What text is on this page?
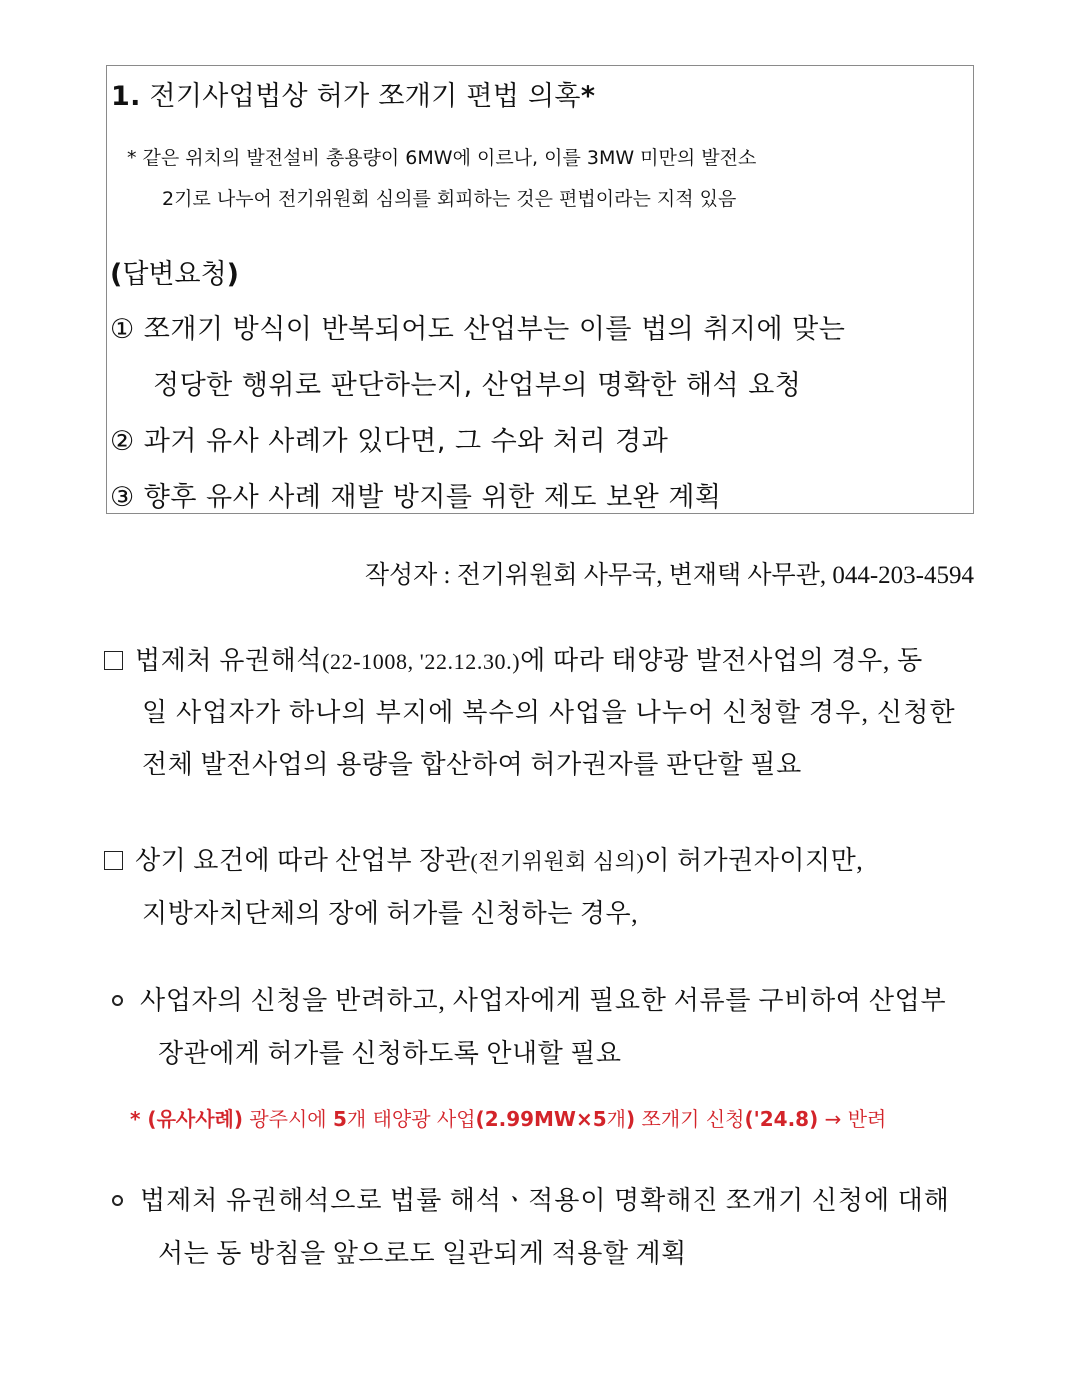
1. 전기사업법상 허가 쪼개기 편법 의혹*
* 같은 위치의 발전설비 총용량이 6MW에 이르나, 이를 3MW 미만의 발전소
2기로 나누어 전기위원회 심의를 회피하는 것은 편법이라는 지적 있음
(답변요청)
① 쪼개기 방식이 반복되어도 산업부는 이를 법의 취지에 맞는
정당한 행위로 판단하는지, 산업부의 명확한 해석 요청
② 과거 유사 사례가 있다면, 그 수와 처리 경과
③ 향후 유사 사례 재발 방지를 위한 제도 보완 계획
작성자 : 전기위원회 사무국, 변재택 사무관, 044-203-4594
법제처 유권해석(22-1008, '22.12.30.)에 따라 태양광 발전사업의 경우, 동
일 사업자가 하나의 부지에 복수의 사업을 나누어 신청할 경우, 신청한
전체 발전사업의 용량을 합산하여 허가권자를 판단할 필요
상기 요건에 따라 산업부 장관(전기위원회 심의)이 허가권자이지만,
지방자치단체의 장에 허가를 신청하는 경우,
사업자의 신청을 반려하고, 사업자에게 필요한 서류를 구비하여 산업부
장관에게 허가를 신청하도록 안내할 필요
* (유사사례) 광주시에 5개 태양광 사업(2.99MW×5개) 쪼개기 신청('24.8) → 반려
법제처 유권해석으로 법률 해석ㆍ적용이 명확해진 쪼개기 신청에 대해
서는 동 방침을 앞으로도 일관되게 적용할 계획
